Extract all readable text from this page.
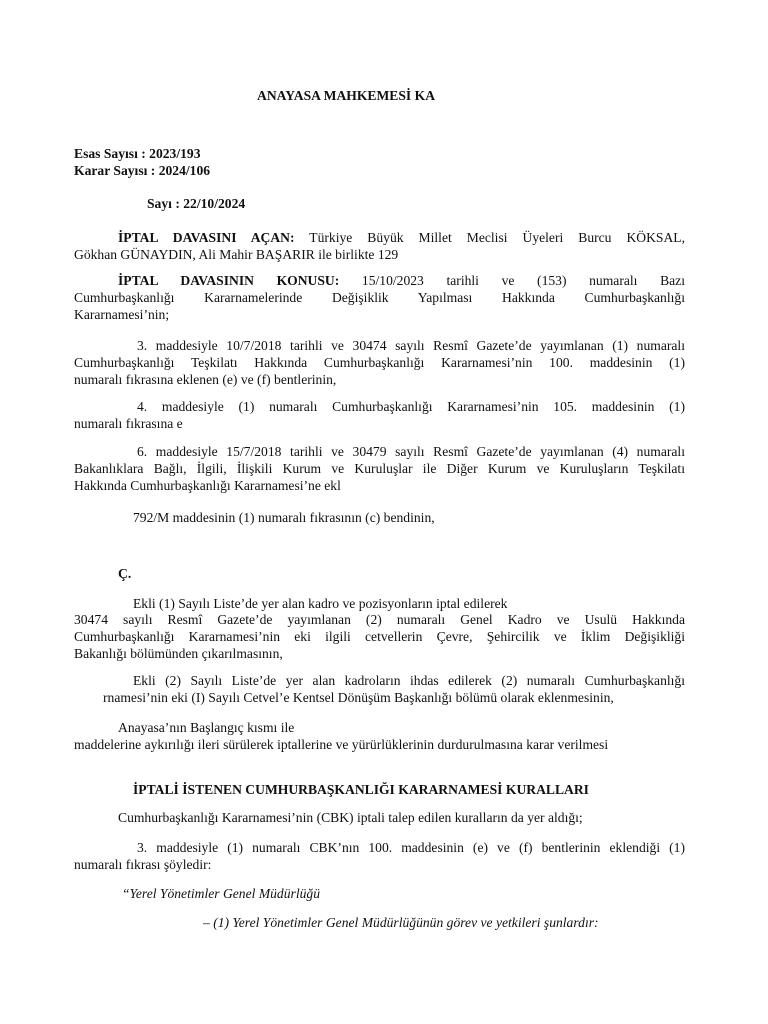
ANAYASA MAHKEMESİ KA
Esas Sayısı : 2023/193
Karar Sayısı : 2024/106
Sayı : 22/10/2024
İPTAL DAVASINI AÇAN: Türkiye Büyük Millet Meclisi Üyeleri Burcu KÖKSAL,
Gökhan GÜNAYDIN, Ali Mahir BAŞARIR ile birlikte 129
İPTAL DAVASININ KONUSU: 15/10/2023 tarihli ve (153) numaralı Bazı
Cumhurbaşkanlığı Kararnamelerinde Değişiklik Yapılması Hakkında Cumhurbaşkanlığı
Kararnamesi’nin;
3. maddesiyle 10/7/2018 tarihli ve 30474 sayılı Resmî Gazete’de yayımlanan (1) numaralı
Cumhurbaşkanlığı Teşkilatı Hakkında Cumhurbaşkanlığı Kararnamesi’nin 100. maddesinin (1)
numaralı fıkrasına eklenen (e) ve (f) bentlerinin,
4. maddesiyle (1) numaralı Cumhurbaşkanlığı Kararnamesi’nin 105. maddesinin (1)
numaralı fıkrasına e
6. maddesiyle 15/7/2018 tarihli ve 30479 sayılı Resmî Gazete’de yayımlanan (4) numaralı
Bakanlıklara Bağlı, İlgili, İlişkili Kurum ve Kuruluşlar ile Diğer Kurum ve Kuruluşların Teşkilatı
Hakkında Cumhurbaşkanlığı Kararnamesi’ne ekl
792/M maddesinin (1) numaralı fıkrasının (c) bendinin,
Ç.
Ekli (1) Sayılı Liste’de yer alan kadro ve pozisyonların iptal edilerek
30474 sayılı Resmî Gazete’de yayımlanan (2) numaralı Genel Kadro ve Usulü Hakkında
Cumhurbaşkanlığı Kararnamesi’nin eki ilgili cetvellerin Çevre, Şehircilik ve İklim Değişikliği
Bakanlığı bölümünden çıkarılmasının,
Ekli (2) Sayılı Liste’de yer alan kadroların ihdas edilerek (2) numaralı Cumhurbaşkanlığı
rnamesi’nin eki (I) Sayılı Cetvel’e Kentsel Dönüşüm Başkanlığı bölümü olarak eklenmesinin,
Anayasa’nın Başlangıç kısmı ile
maddelerine aykırılığı ileri sürülerek iptallerine ve yürürlüklerinin durdurulmasına karar verilmesi
İPTALİ İSTENEN CUMHURBAŞKANLIĞI KARARNAMESİ KURALLARI
Cumhurbaşkanlığı Kararnamesi’nin (CBK) iptali talep edilen kuralların da yer aldığı;
3. maddesiyle (1) numaralı CBK’nın 100. maddesinin (e) ve (f) bentlerinin eklendiği (1)
numaralı fıkrası şöyledir:
“Yerel Yönetimler Genel Müdürlüğü
– (1) Yerel Yönetimler Genel Müdürlüğünün görev ve yetkileri şunlardır:
